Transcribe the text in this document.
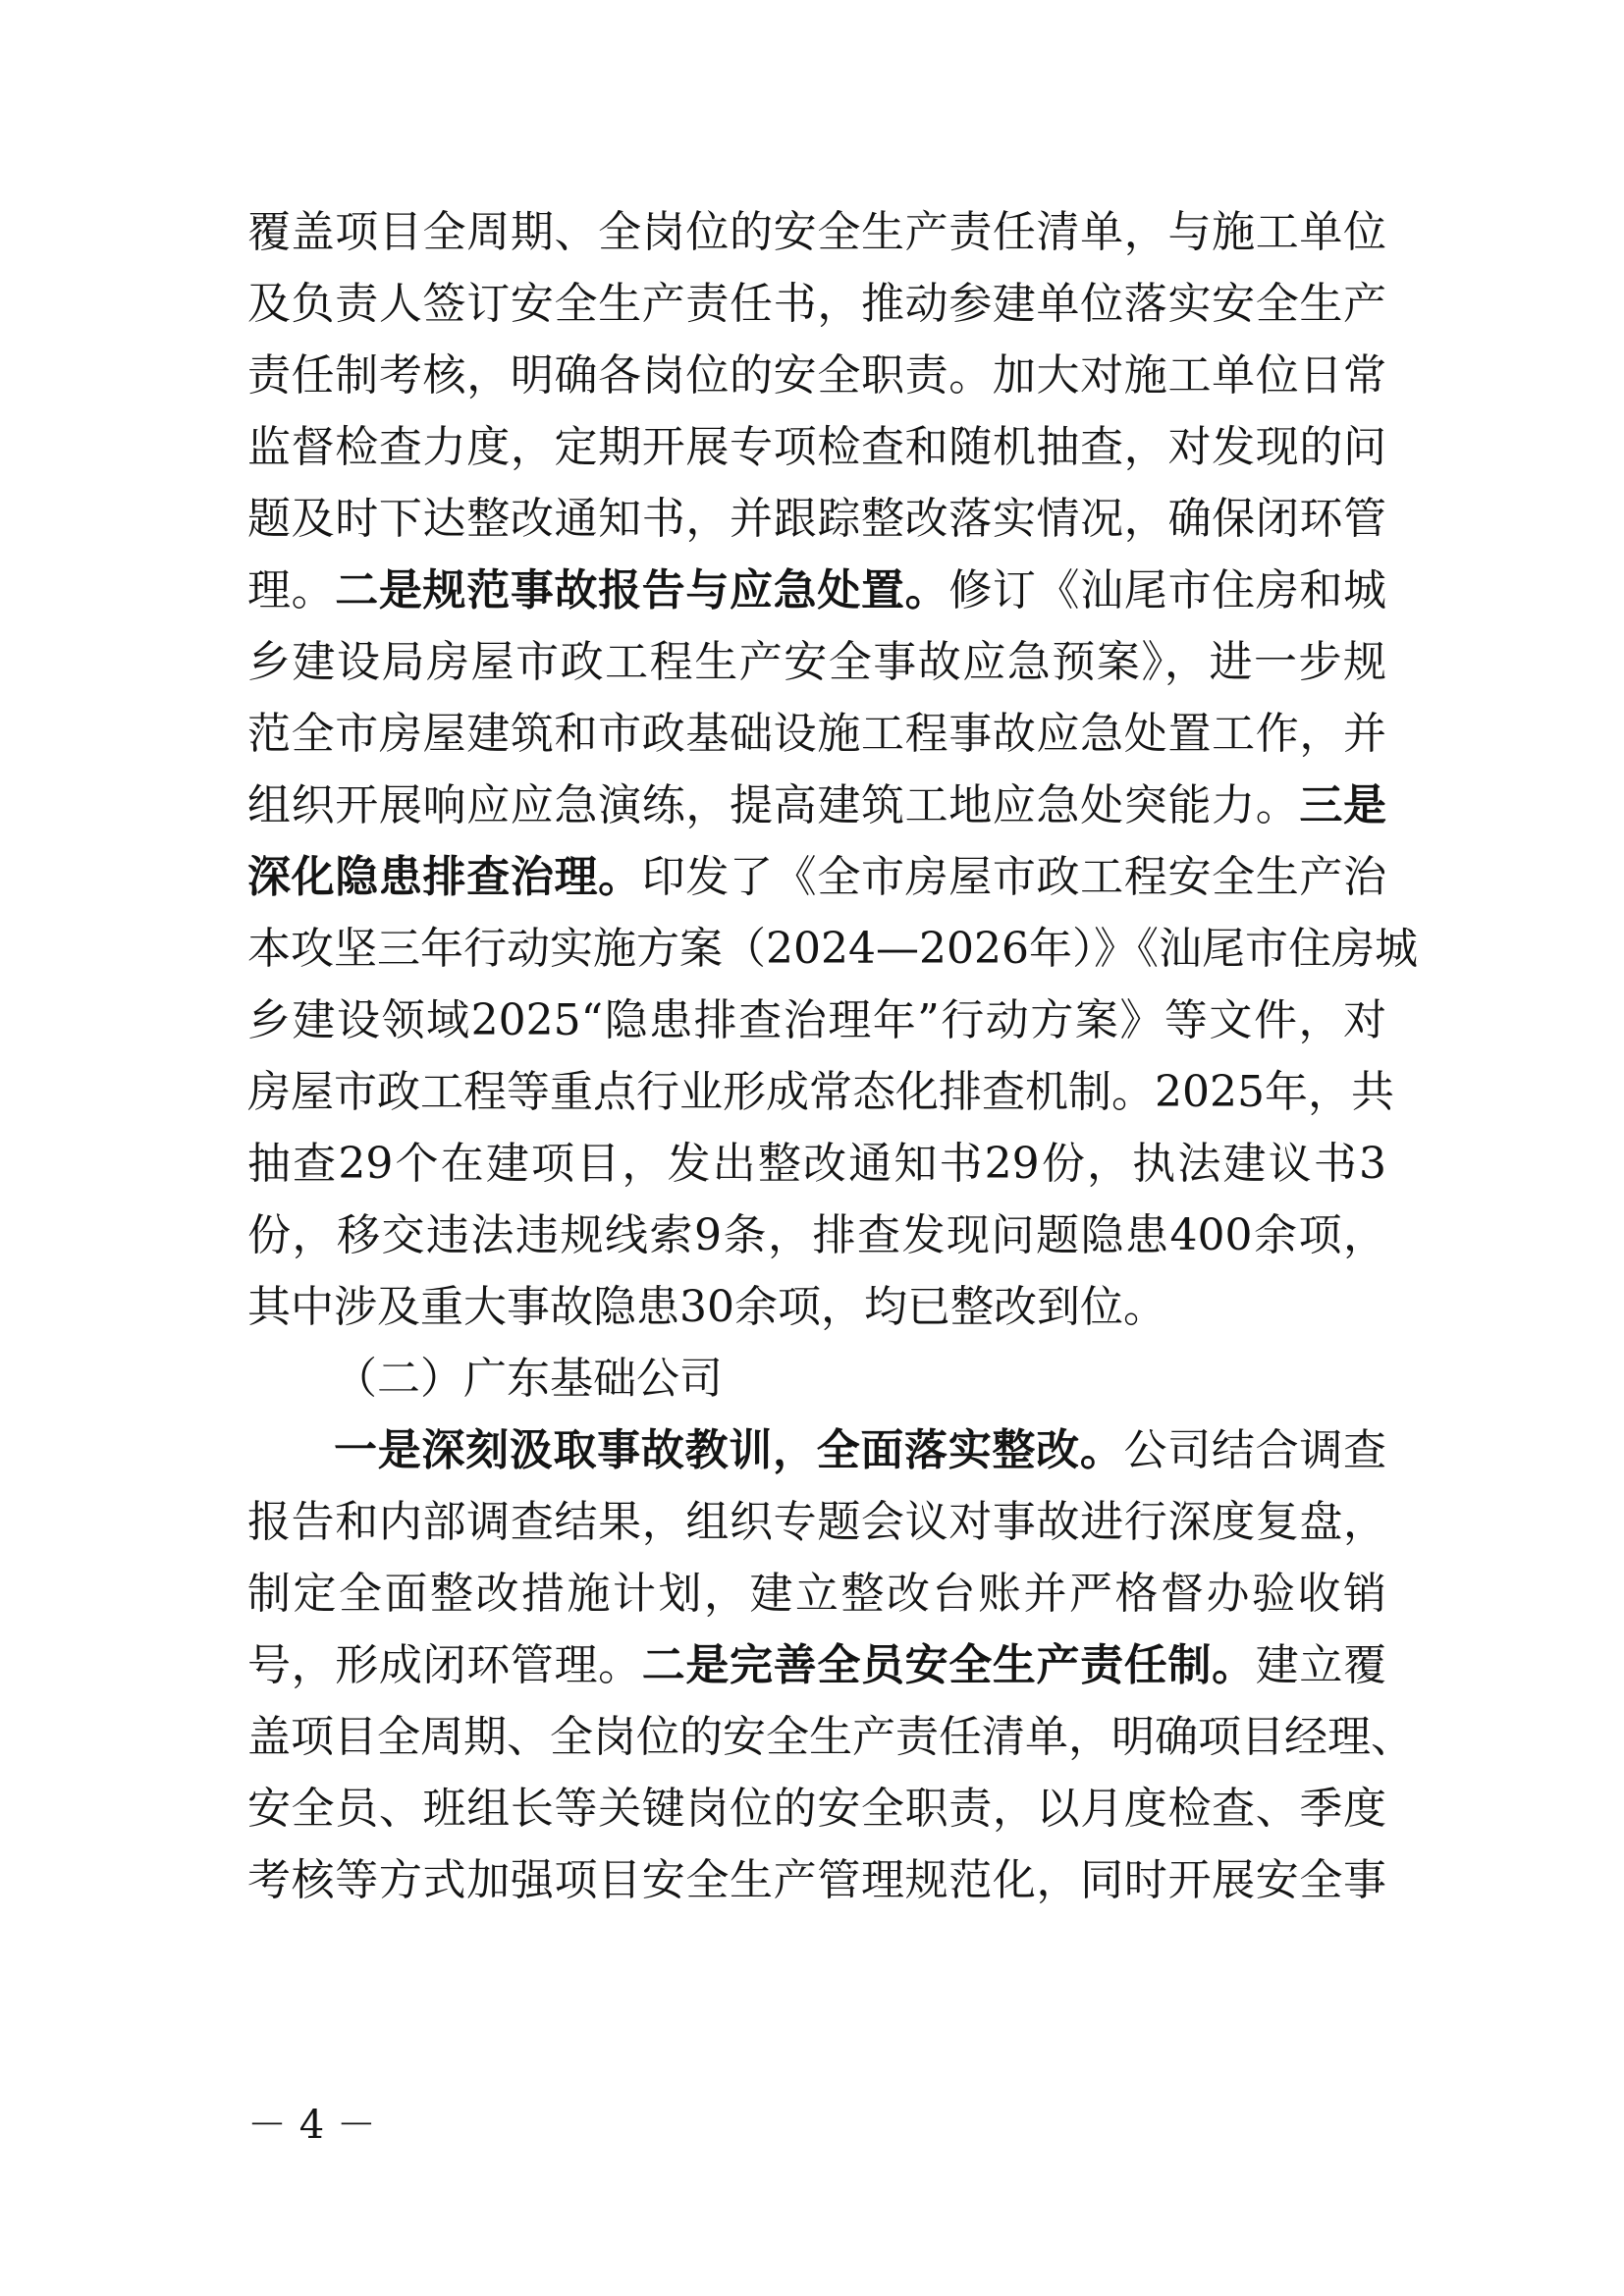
覆盖项目全周期、全岗位的安全生产责任清单，与施工单位
及负责人签订安全生产责任书，推动参建单位落实安全生产
责任制考核，明确各岗位的安全职责。加大对施工单位日常
监督检查力度，定期开展专项检查和随机抽查，对发现的问
题及时下达整改通知书，并跟踪整改落实情况，确保闭环管
理。二是规范事故报告与应急处置。修订《汕尾市住房和城
乡建设局房屋市政工程生产安全事故应急预案》，进一步规
范全市房屋建筑和市政基础设施工程事故应急处置工作，并
组织开展响应应急演练，提高建筑工地应急处突能力。三是
深化隐患排查治理。印发了《全市房屋市政工程安全生产治
本攻坚三年行动实施方案（2024—2026年）》《汕尾市住房城
乡建设领域2025“隐患排查治理年”行动方案》等文件，对
房屋市政工程等重点行业形成常态化排查机制。2025年，共
抽查29个在建项目，发出整改通知书29份，执法建议书3
份，移交违法违规线索9条，排查发现问题隐患400余项，
其中涉及重大事故隐患30余项，均已整改到位。
（二）广东基础公司
一是深刻汲取事故教训，全面落实整改。公司结合调查
报告和内部调查结果，组织专题会议对事故进行深度复盘，
制定全面整改措施计划，建立整改台账并严格督办验收销
号，形成闭环管理。二是完善全员安全生产责任制。建立覆
盖项目全周期、全岗位的安全生产责任清单，明确项目经理、
安全员、班组长等关键岗位的安全职责，以月度检查、季度
考核等方式加强项目安全生产管理规范化，同时开展安全事
－ 4 －
